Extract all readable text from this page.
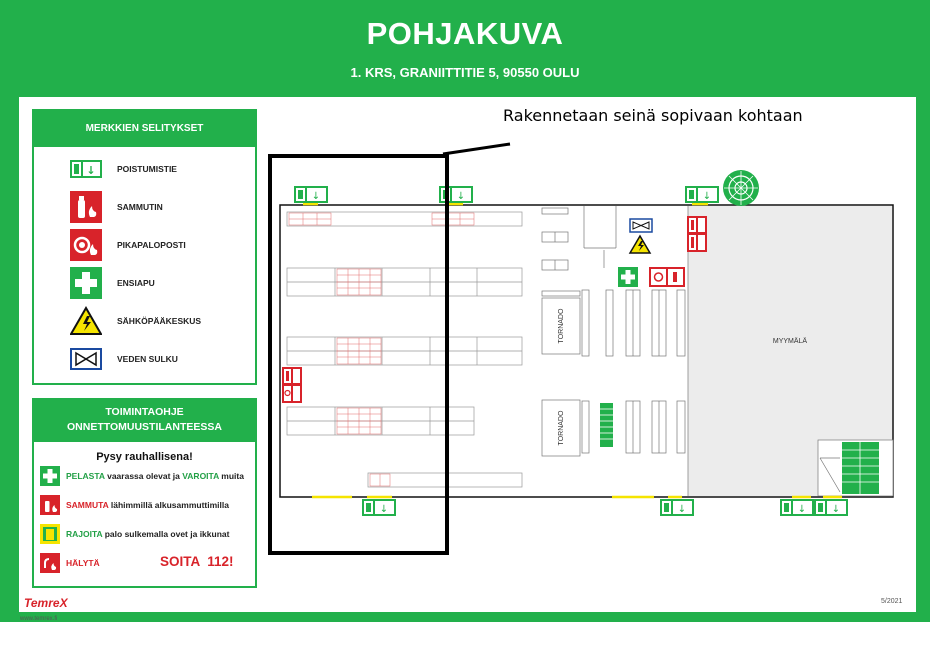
POHJAKUVA
1. KRS, GRANIITTITIE 5, 90550 OULU
MERKKIEN SELITYKSET
↓	POISTUMISTIE
SAMMUTIN
PIKAPALOPOSTI
ENSIAPU
SÄHKÖPÄÄKESKUS
VEDEN SULKU
TOIMINTAOHJE
ONNETTOMUUSTILANTEESSA
Pysy rauhallisena!
PELASTA vaarassa olevat ja VAROITA muita
SAMMUTA lähimmillä alkusammuttimilla
RAJOITA palo sulkemalla ovet ja ikkunat
HÄLYTÄ	SOITA  112!
Rakennetaan seinä sopivaan kohtaan
TORNADO
TORNADO
MYYMÄLÄ
↓	↓	↓
↓	↓	↓	↓
TemreX
www.temrex.fi
5/2021
